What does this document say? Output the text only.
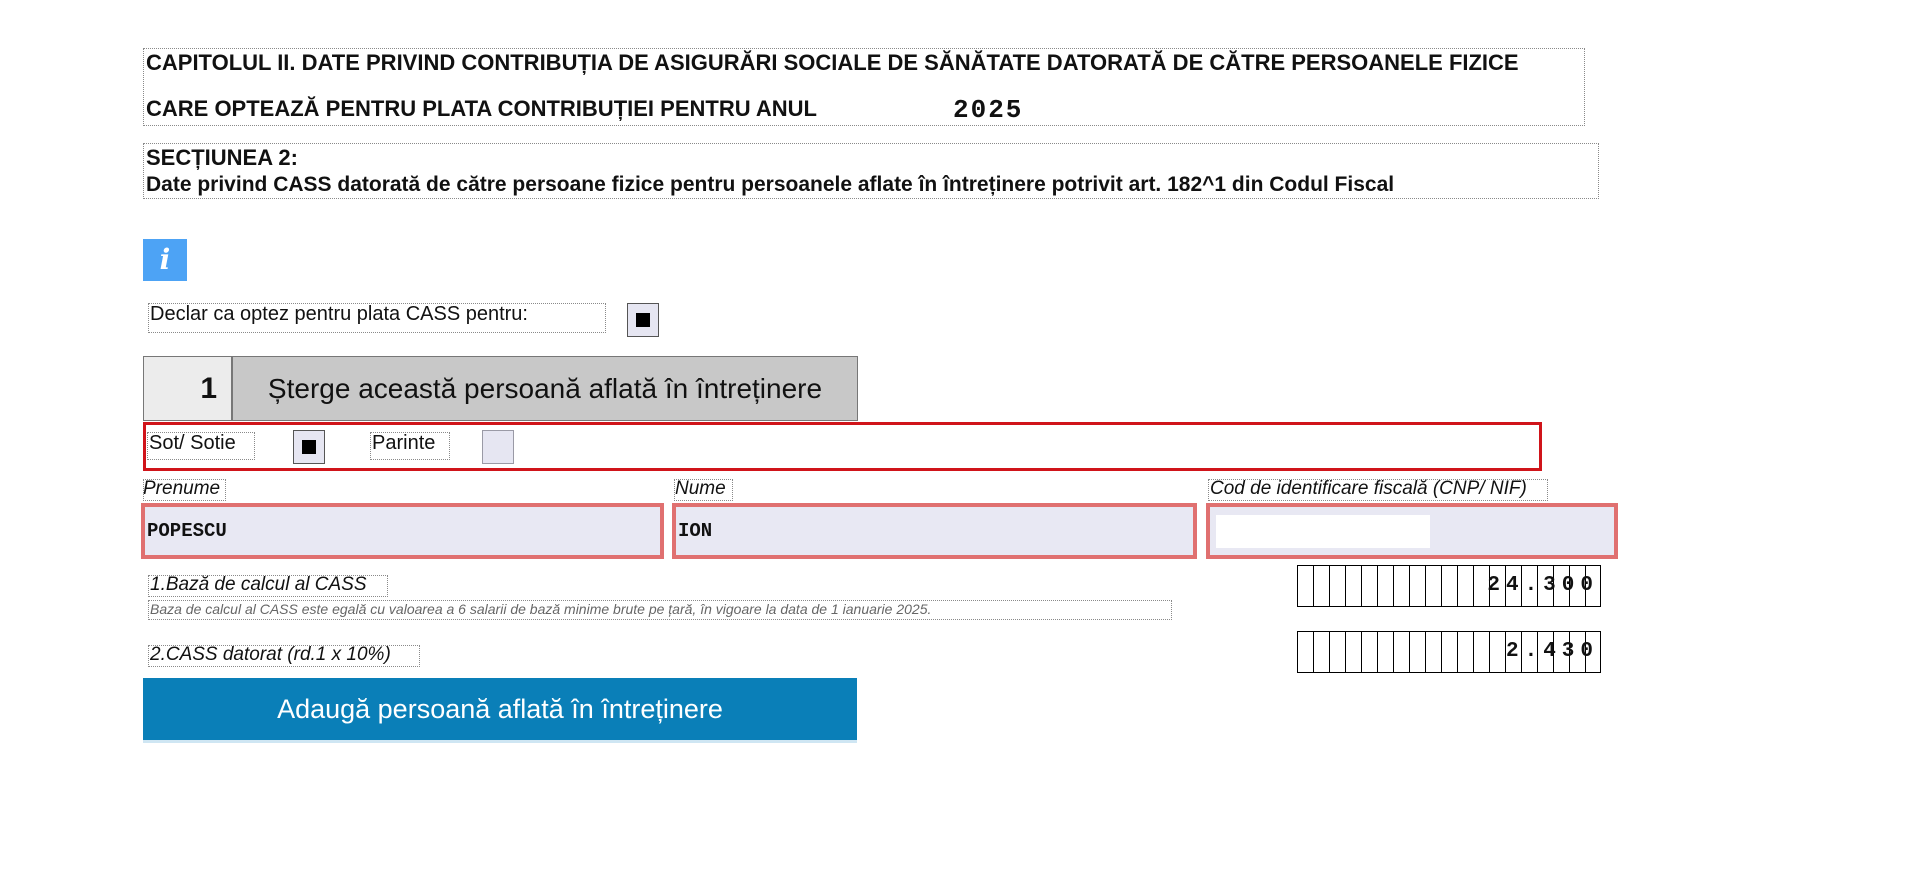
CAPITOLUL II. DATE PRIVIND CONTRIBUȚIA DE ASIGURĂRI SOCIALE DE SĂNĂTATE DATORATĂ DE CĂTRE PERSOANELE FIZICE
CARE OPTEAZĂ PENTRU PLATA CONTRIBUȚIEI PENTRU ANUL	2025
SECȚIUNEA 2:
Date privind CASS datorată de către persoane fizice pentru persoanele aflate în întreținere potrivit art. 182^1 din Codul Fiscal
i
Declar ca optez pentru plata CASS pentru:
1	Șterge această persoană aflată în întreținere
Sot/ Sotie	Parinte
Prenume	Nume	Cod de identificare fiscală (CNP/ NIF)
POPESCU	ION
1.Bază de calcul al CASS
Baza de calcul al CASS este egală cu valoarea a 6 salarii de bază minime brute pe țară, în vigoare la data de 1 ianuarie 2025.
24.300
2.CASS datorat (rd.1 x 10%)	2.430
Adaugă persoană aflată în întreținere
